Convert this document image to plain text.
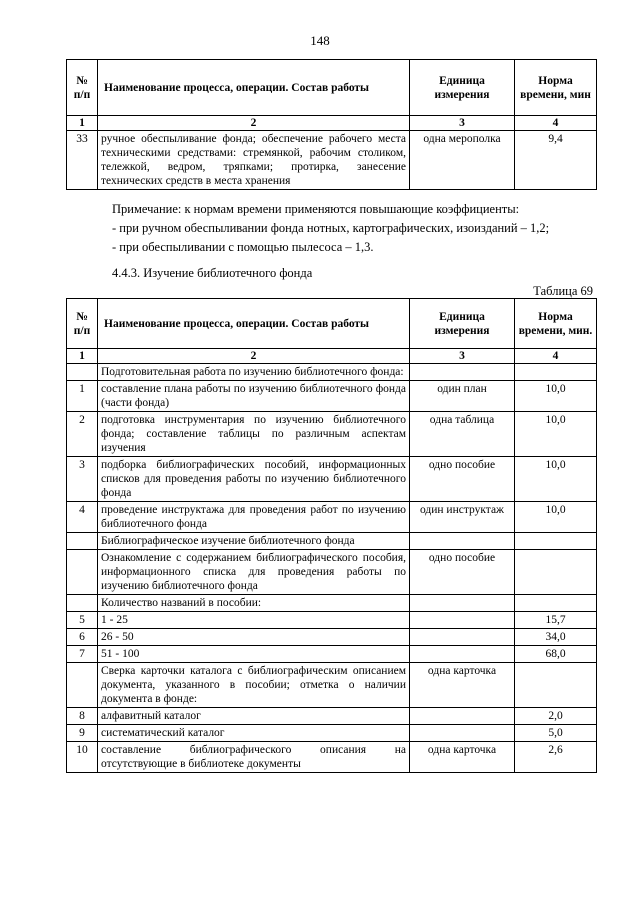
148
№ п/п	Наименование процесса, операции. Состав работы	Единица измерения	Норма времени, мин
1	2	3	4
33	ручное обеспыливание фонда; обеспечение рабочего места техническими средствами: стремянкой, рабочим столиком, тележкой, ведром, тряпками; протирка, занесение технических средств в места хранения	одна мерополка	9,4
Примечание: к нормам времени применяются повышающие коэффициенты:
- при ручном обеспыливании фонда нотных, картографических, изоизданий – 1,2;
- при обеспыливании с помощью пылесоса – 1,3.
4.4.3. Изучение библиотечного фонда
Таблица 69
№ п/п	Наименование процесса, операции. Состав работы	Единица измерения	Норма времени, мин.
1	2	3	4
	Подготовительная работа по изучению библиотечного фонда:		
1	составление плана работы по изучению библиотечного фонда (части фонда)	один план	10,0
2	подготовка инструментария по изучению библиотечного фонда; составление таблицы по различным аспектам изучения	одна таблица	10,0
3	подборка библиографических пособий, информационных списков для проведения работы по изучению библиотечного фонда	одно пособие	10,0
4	проведение инструктажа для проведения работ по изучению библиотечного фонда	один инструктаж	10,0
	Библиографическое изучение библиотечного фонда		
	Ознакомление с содержанием библиографического пособия, информационного списка для проведения работы по изучению библиотечного фонда	одно пособие	
	Количество названий в пособии:		
5	1 - 25		15,7
6	26 - 50		34,0
7	51 - 100		68,0
	Сверка карточки каталога с библиографическим описанием документа, указанного в пособии; отметка о наличии документа в фонде:	одна карточка	
8	алфавитный каталог		2,0
9	систематический каталог		5,0
10	составление библиографического описания на отсутствующие в библиотеке документы	одна карточка	2,6
